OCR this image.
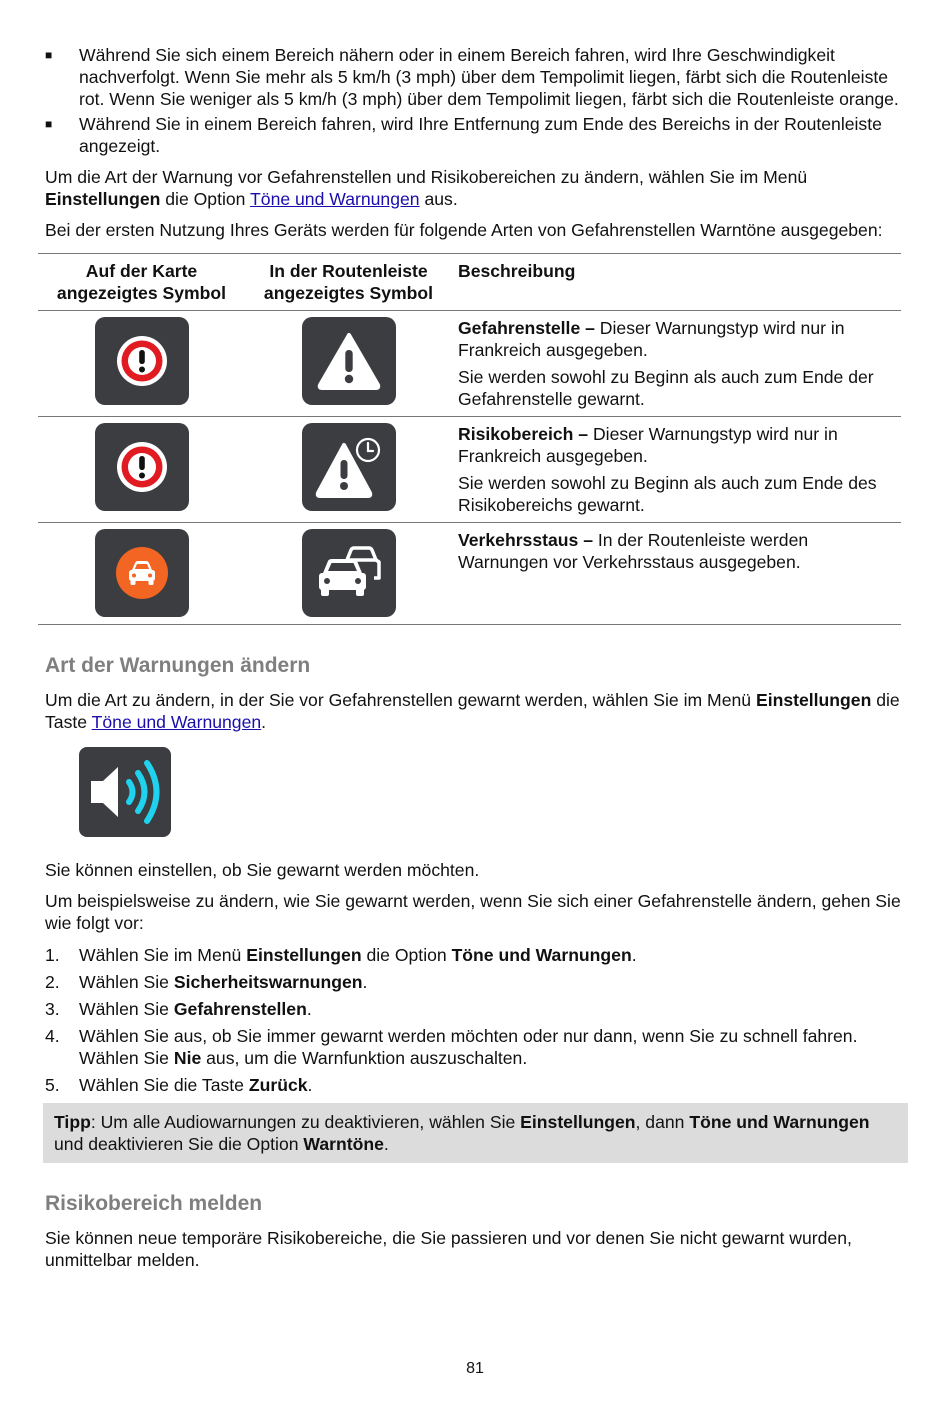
■ Während Sie sich einem Bereich nähern oder in einem Bereich fahren, wird Ihre Geschwindigkeit nachverfolgt. Wenn Sie mehr als 5 km/h (3 mph) über dem Tempolimit liegen, färbt sich die Routenleiste rot. Wenn Sie weniger als 5 km/h (3 mph) über dem Tempolimit liegen, färbt sich die Routenleiste orange.
■ Während Sie in einem Bereich fahren, wird Ihre Entfernung zum Ende des Bereichs in der Routenleiste angezeigt.

Um die Art der Warnung vor Gefahrenstellen und Risikobereichen zu ändern, wählen Sie im Menü Einstellungen die Option Töne und Warnungen aus.

Bei der ersten Nutzung Ihres Geräts werden für folgende Arten von Gefahrenstellen Warntöne ausgegeben:

Auf der Karte angezeigtes Symbol	In der Routenleiste angezeigtes Symbol	Beschreibung

Gefahrenstelle – Dieser Warnungstyp wird nur in Frankreich ausgegeben.

Sie werden sowohl zu Beginn als auch zum Ende der Gefahrenstelle gewarnt.

Risikobereich – Dieser Warnungstyp wird nur in Frankreich ausgegeben.

Sie werden sowohl zu Beginn als auch zum Ende des Risikobereichs gewarnt.

Verkehrsstaus – In der Routenleiste werden Warnungen vor Verkehrsstaus ausgegeben.

Art der Warnungen ändern

Um die Art zu ändern, in der Sie vor Gefahrenstellen gewarnt werden, wählen Sie im Menü Einstellungen die Taste Töne und Warnungen.

Sie können einstellen, ob Sie gewarnt werden möchten.

Um beispielsweise zu ändern, wie Sie gewarnt werden, wenn Sie sich einer Gefahrenstelle ändern, gehen Sie wie folgt vor:

1. Wählen Sie im Menü Einstellungen die Option Töne und Warnungen.
2. Wählen Sie Sicherheitswarnungen.
3. Wählen Sie Gefahrenstellen.
4. Wählen Sie aus, ob Sie immer gewarnt werden möchten oder nur dann, wenn Sie zu schnell fahren. Wählen Sie Nie aus, um die Warnfunktion auszuschalten.
5. Wählen Sie die Taste Zurück.
Tipp: Um alle Audiowarnungen zu deaktivieren, wählen Sie Einstellungen, dann Töne und Warnungen und deaktivieren Sie die Option Warntöne.
Risikobereich melden

Sie können neue temporäre Risikobereiche, die Sie passieren und vor denen Sie nicht gewarnt wurden, unmittelbar melden.

81
